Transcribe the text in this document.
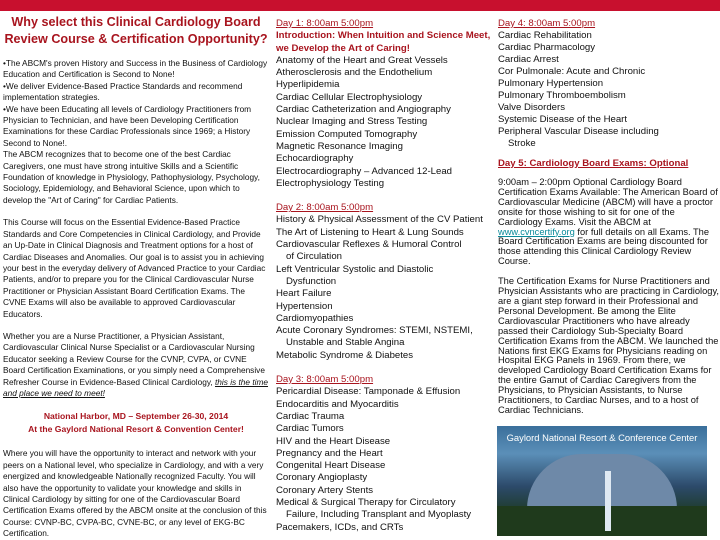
Why select this Clinical Cardiology Board Review Course & Certification Opportunity?
•The ABCM's proven History and Success in the Business of Cardiology Education and Certification is Second to None!
•We deliver Evidence-Based Practice Standards and recommend implementation strategies.
•We have been Educating all levels of Cardiology Practitioners from Physician to Technician, and have been Developing Certification Examinations for these Cardiac Professionals since 1969; a History Second to None!.
The ABCM recognizes that to become one of the best Cardiac Caregivers, one must have strong intuitive Skills and a Scientific Foundation of knowledge in Physiology, Pathophysiology, Psychology, Sociology, Epidemiology, and Behavioral Science, upon which to develop the "Art of Caring" for Cardiac Patients.
This Course will focus on the Essential Evidence-Based Practice Standards and Core Competencies in Clinical Cardiology, and Provide an Up-Date in Clinical Diagnosis and Treatment options for a host of Cardiac Diseases and Anomalies. Our goal is to assist you in achieving your best in the everyday delivery of Advanced Practice to your Cardiac Patients, and/or to prepare you for the Clinical Cardiovascular Nurse Practitioner or Physician Assistant Board Certification Exams. The CVNE Exams will also be available to approved Cardiovascular Educators.
Whether you are a Nurse Practitioner, a Physician Assistant, Cardiovascular Clinical Nurse Specialist or a Cardiovascular Nursing Educator seeking a Review Course for the CVNP, CVPA, or CVNE Board Certification Examinations, or you simply need a Comprehensive Refresher Course in Evidence-Based Clinical Cardiology, this is the time and place we need to meet!
National Harbor, MD – September 26-30, 2014
At the Gaylord National Resort & Convention Center!
Where you will have the opportunity to interact and network with your peers on a National level, who specialize in Cardiology, and with a very energized and knowledgeable Nationally recognized Faculty. You will also have the opportunity to validate your knowledge and skills in Clinical Cardiology by sitting for one of the Cardiovascular Board Certification Exams offered by the ABCM onsite at the conclusion of this Course: CVNP-BC, CVPA-BC, CVNE-BC, or any level of EKG-BC Certification.
Day 1: 8:00am 5:00pm
Introduction: When Intuition and Science Meet, we Develop the Art of Caring!
Anatomy of the Heart and Great Vessels
Atherosclerosis and the Endothelium
Hyperlipidemia
Cardiac Cellular Electrophysiology
Cardiac Catheterization and Angiography
Nuclear Imaging and Stress Testing
Emission Computed Tomography
Magnetic Resonance Imaging
Echocardiography
Electrocardiography – Advanced 12-Lead
Electrophysiology Testing
Day 2: 8:00am 5:00pm
History & Physical Assessment of the CV Patient
The Art of Listening to Heart & Lung Sounds
Cardiovascular Reflexes & Humoral Control
of Circulation
Left Ventricular Systolic and Diastolic
Dysfunction
Heart Failure
Hypertension
Cardiomyopathies
Acute Coronary Syndromes: STEMI, NSTEMI,
Unstable and Stable Angina
Metabolic Syndrome & Diabetes
Day 3: 8:00am 5:00pm
Pericardial Disease: Tamponade & Effusion
Endocarditis and Myocarditis
Cardiac Trauma
Cardiac Tumors
HIV and the Heart Disease
Pregnancy and the Heart
Congenital Heart Disease
Coronary Angioplasty
Coronary Artery Stents
Medical & Surgical Therapy for Circulatory
Failure, Including Transplant and Myoplasty
Pacemakers, ICDs, and CRTs
Day 4: 8:00am 5:00pm
Cardiac Rehabilitation
Cardiac Pharmacology
Cardiac Arrest
Cor Pulmonale: Acute and Chronic
Pulmonary Hypertension
Pulmonary Thromboembolism
Valve Disorders
Systemic Disease of the Heart
Peripheral Vascular Disease including
Stroke
Day 5: Cardiology Board Exams: Optional
9:00am – 2:00pm Optional Cardiology Board Certification Exams Available: The American Board of Cardiovascular Medicine (ABCM) will have a proctor onsite for those wishing to sit for one of the Cardiology Exams. Visit the ABCM at www.cvncertify.org for full details on all Exams. The Board Certification Exams are being discounted for those attending this Clinical Cardiology Review Course.
The Certification Exams for Nurse Practitioners and Physician Assistants who are practicing in Cardiology, are a giant step forward in their Professional and Personal Development. Be among the Elite Cardiovascular Practitioners who have already passed their Cardiology Sub-Specialty Board Certification Exams from the ABCM. We launched the Nations first EKG Exams for Physicians reading on Hospital EKG Panels in 1969. From there, we developed Cardiology Board Certification Exams for the entire Gamut of Cardiac Caregivers from the Physicians, to Physician Assistants, to Nurse Practitioners, to Cardiac Nurses, and to a host of Cardiac Technicians.
Gaylord National Resort & Conference Center
